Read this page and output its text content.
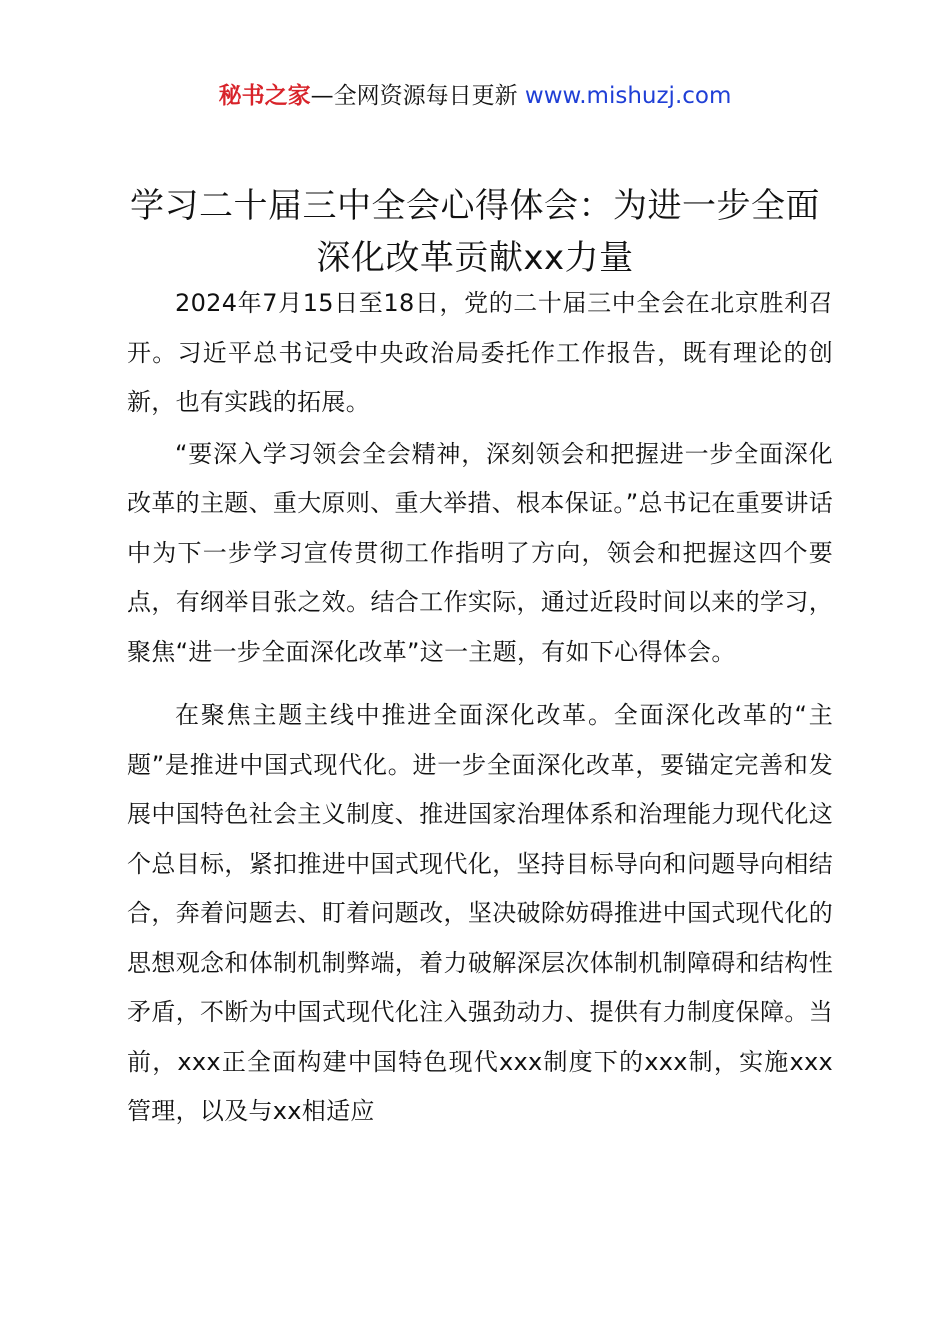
秘书之家—全网资源每日更新 www.mishuzj.com
学习二十届三中全会心得体会：为进一步全面深化改革贡献xx力量

2024年7月15日至18日，党的二十届三中全会在北京胜利召开。习近平总书记受中央政治局委托作工作报告，既有理论的创新，也有实践的拓展。

“要深入学习领会全会精神，深刻领会和把握进一步全面深化改革的主题、重大原则、重大举措、根本保证。”总书记在重要讲话中为下一步学习宣传贯彻工作指明了方向，领会和把握这四个要点，有纲举目张之效。结合工作实际，通过近段时间以来的学习，聚焦“进一步全面深化改革”这一主题，有如下心得体会。

在聚焦主题主线中推进全面深化改革。全面深化改革的“主题”是推进中国式现代化。进一步全面深化改革，要锚定完善和发展中国特色社会主义制度、推进国家治理体系和治理能力现代化这个总目标，紧扣推进中国式现代化，坚持目标导向和问题导向相结合，奔着问题去、盯着问题改，坚决破除妨碍推进中国式现代化的思想观念和体制机制弊端，着力破解深层次体制机制障碍和结构性矛盾，不断为中国式现代化注入强劲动力、提供有力制度保障。当前，xxx正全面构建中国特色现代xxx制度下的xxx制，实施xxx管理，以及与xx相适应
